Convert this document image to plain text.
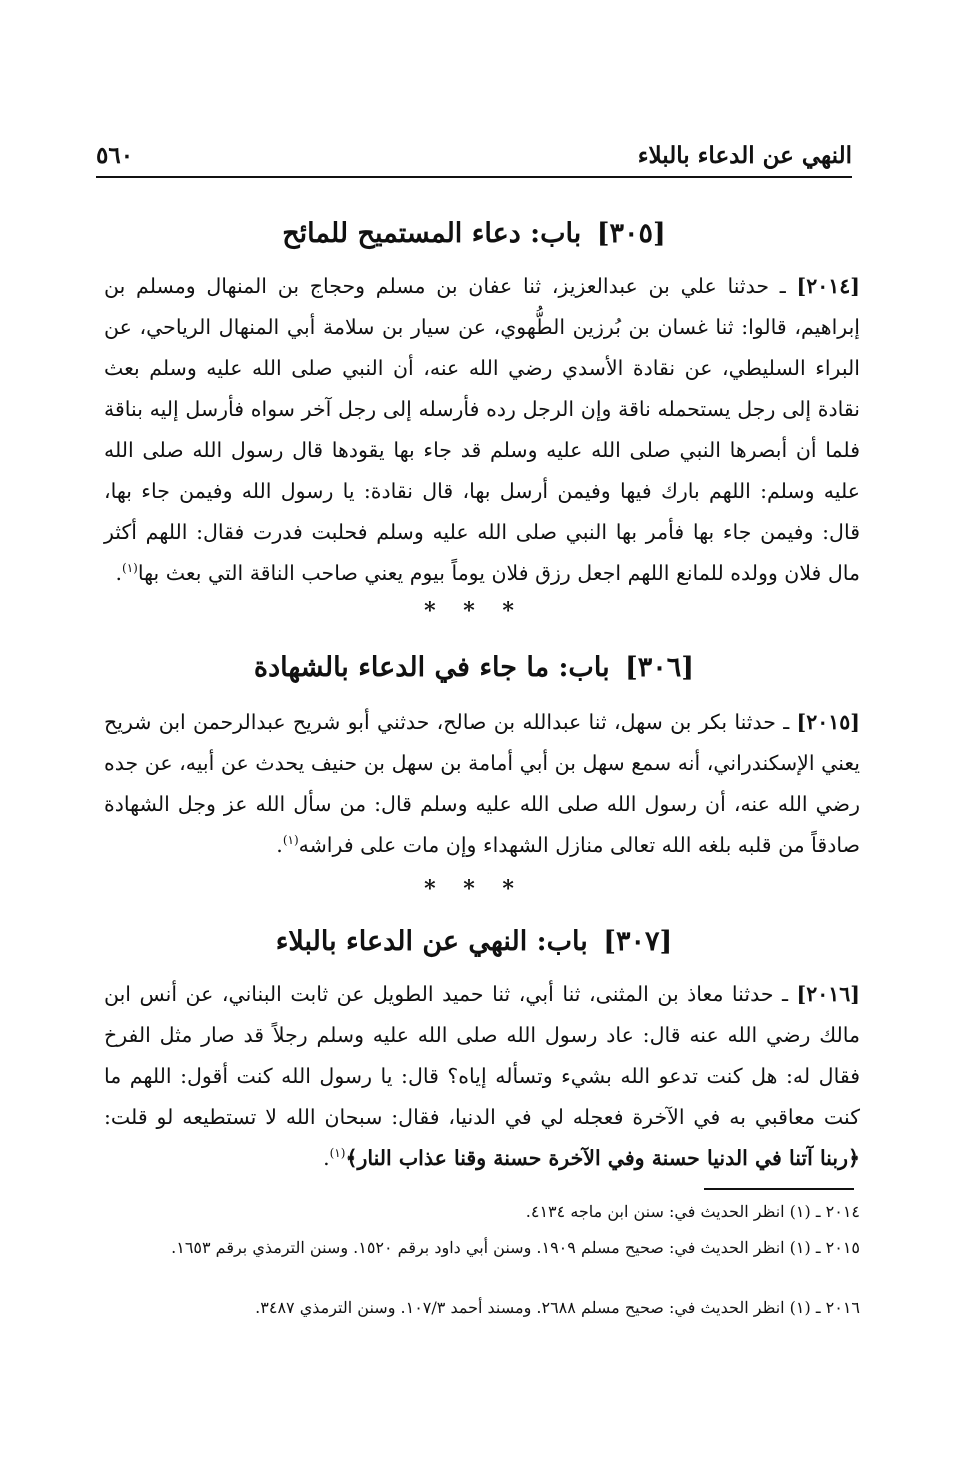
النهي عن الدعاء بالبلاء
٥٦٠
[٣٠٥] باب: دعاء المستميح للمائح

[٢٠١٤] ـ حدثنا علي بن عبدالعزيز، ثنا عفان بن مسلم وحجاج بن المنهال ومسلم بن إبراهيم، قالوا: ثنا غسان بن بُرزين الطُّهوي، عن سيار بن سلامة أبي المنهال الرياحي، عن البراء السليطي، عن نقادة الأسدي رضي الله عنه، أن النبي صلى الله عليه وسلم بعث نقادة إلى رجل يستحمله ناقة وإن الرجل رده فأرسله إلى رجل آخر سواه فأرسل إليه بناقة فلما أن أبصرها النبي صلى الله عليه وسلم قد جاء بها يقودها قال رسول الله صلى الله عليه وسلم: اللهم بارك فيها وفيمن أرسل بها، قال نقادة: يا رسول الله وفيمن جاء بها، قال: وفيمن جاء بها فأمر بها النبي صلى الله عليه وسلم فحلبت فدرت فقال: اللهم أكثر مال فلان وولده للمانع اللهم اجعل رزق فلان يوماً بيوم يعني صاحب الناقة التي بعث بها$^{(١)}$.

* * *
[٣٠٦] باب: ما جاء في الدعاء بالشهادة

[٢٠١٥] ـ حدثنا بكر بن سهل، ثنا عبدالله بن صالح، حدثني أبو شريح عبدالرحمن ابن شريح يعني الإسكندراني، أنه سمع سهل بن أبي أمامة بن سهل بن حنيف يحدث عن أبيه، عن جده رضي الله عنه، أن رسول الله صلى الله عليه وسلم قال: من سأل الله عز وجل الشهادة صادقاً من قلبه بلغه الله تعالى منازل الشهداء وإن مات على فراشه$^{(١)}$.

* * *
[٣٠٧] باب: النهي عن الدعاء بالبلاء

[٢٠١٦] ـ حدثنا معاذ بن المثنى، ثنا أبي، ثنا حميد الطويل عن ثابت البناني، عن أنس ابن مالك رضي الله عنه قال: عاد رسول الله صلى الله عليه وسلم رجلاً قد صار مثل الفرخ فقال له: هل كنت تدعو الله بشيء وتسأله إياه؟ قال: يا رسول الله كنت أقول: اللهم ما كنت معاقبي به في الآخرة فعجله لي في الدنيا، فقال: سبحان الله لا تستطيعه لو قلت: ﴿ربنا آتنا في الدنيا حسنة وفي الآخرة حسنة وقنا عذاب النار﴾$^{(١)}$.

٢٠١٤ ـ (١) انظر الحديث في: سنن ابن ماجه ٤١٣٤.

٢٠١٥ ـ (١) انظر الحديث في: صحيح مسلم ١٩٠٩. وسنن أبي داود برقم ١٥٢٠. وسنن الترمذي برقم ١٦٥٣.

٢٠١٦ ـ (١) انظر الحديث في: صحيح مسلم ٢٦٨٨. ومسند أحمد ١٠٧/٣. وسنن الترمذي ٣٤٨٧.
